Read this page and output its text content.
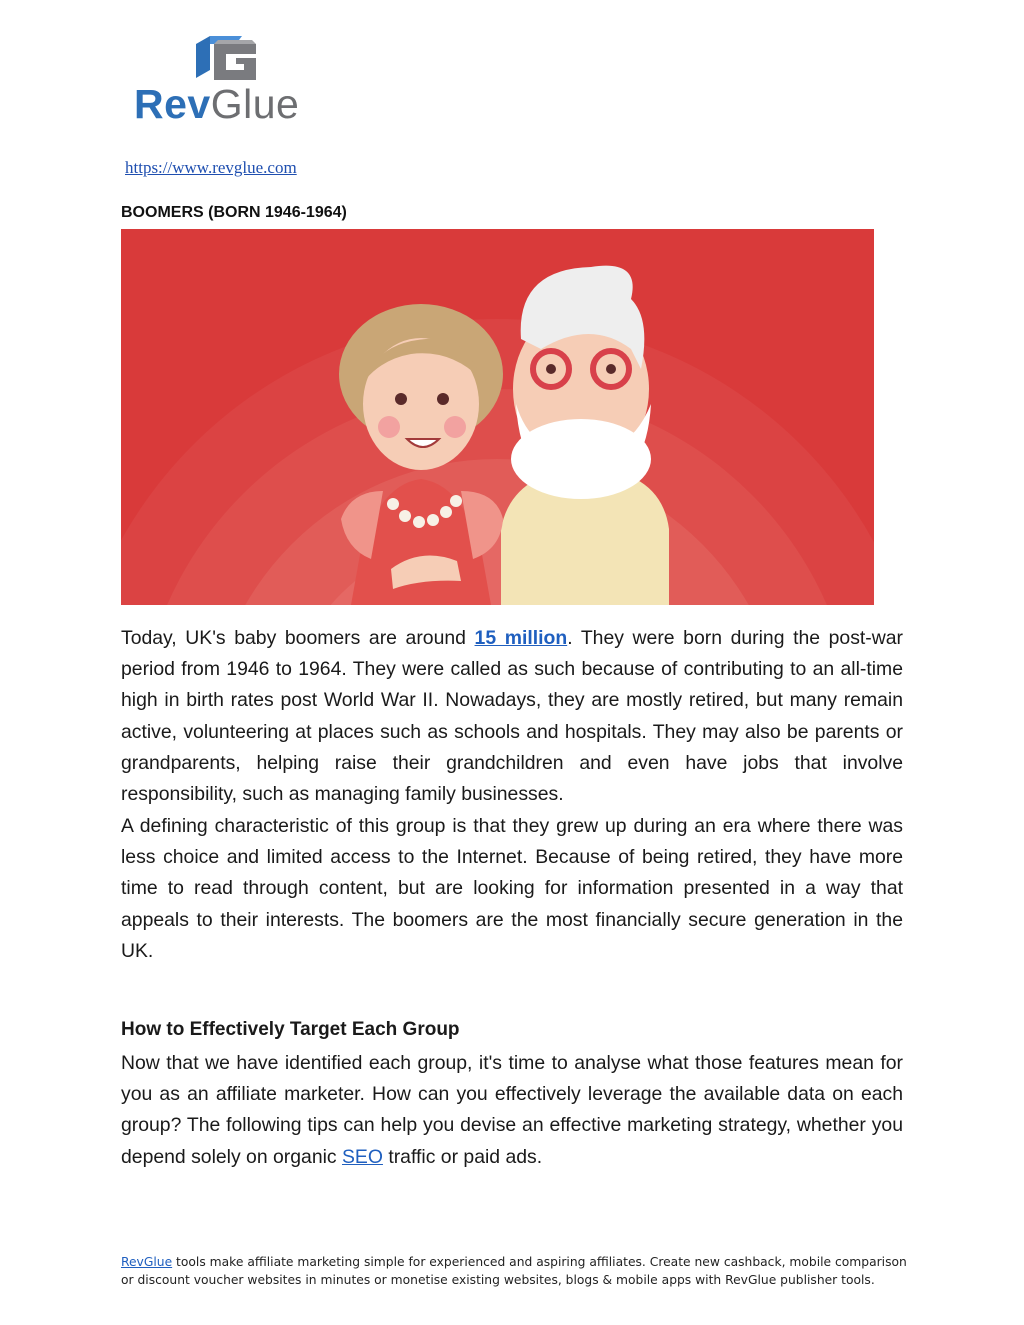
RevGlue
https://www.revglue.com
BOOMERS (BORN 1946-1964)

Today, UK's baby boomers are around 15 million. They were born during the post-war period from 1946 to 1964. They were called as such because of contributing to an all-time high in birth rates post World War II. Nowadays, they are mostly retired, but many remain active, volunteering at places such as schools and hospitals. They may also be parents or grandparents, helping raise their grandchildren and even have jobs that involve responsibility, such as managing family businesses.

A defining characteristic of this group is that they grew up during an era where there was less choice and limited access to the Internet. Because of being retired, they have more time to read through content, but are looking for information presented in a way that appeals to their interests. The boomers are the most financially secure generation in the UK.

How to Effectively Target Each Group

Now that we have identified each group, it's time to analyse what those features mean for you as an affiliate marketer. How can you effectively leverage the available data on each group? The following tips can help you devise an effective marketing strategy, whether you depend solely on organic SEO traffic or paid ads.

RevGlue tools make affiliate marketing simple for experienced and aspiring affiliates. Create new cashback, mobile comparison or discount voucher websites in minutes or monetise existing websites, blogs & mobile apps with RevGlue publisher tools.
